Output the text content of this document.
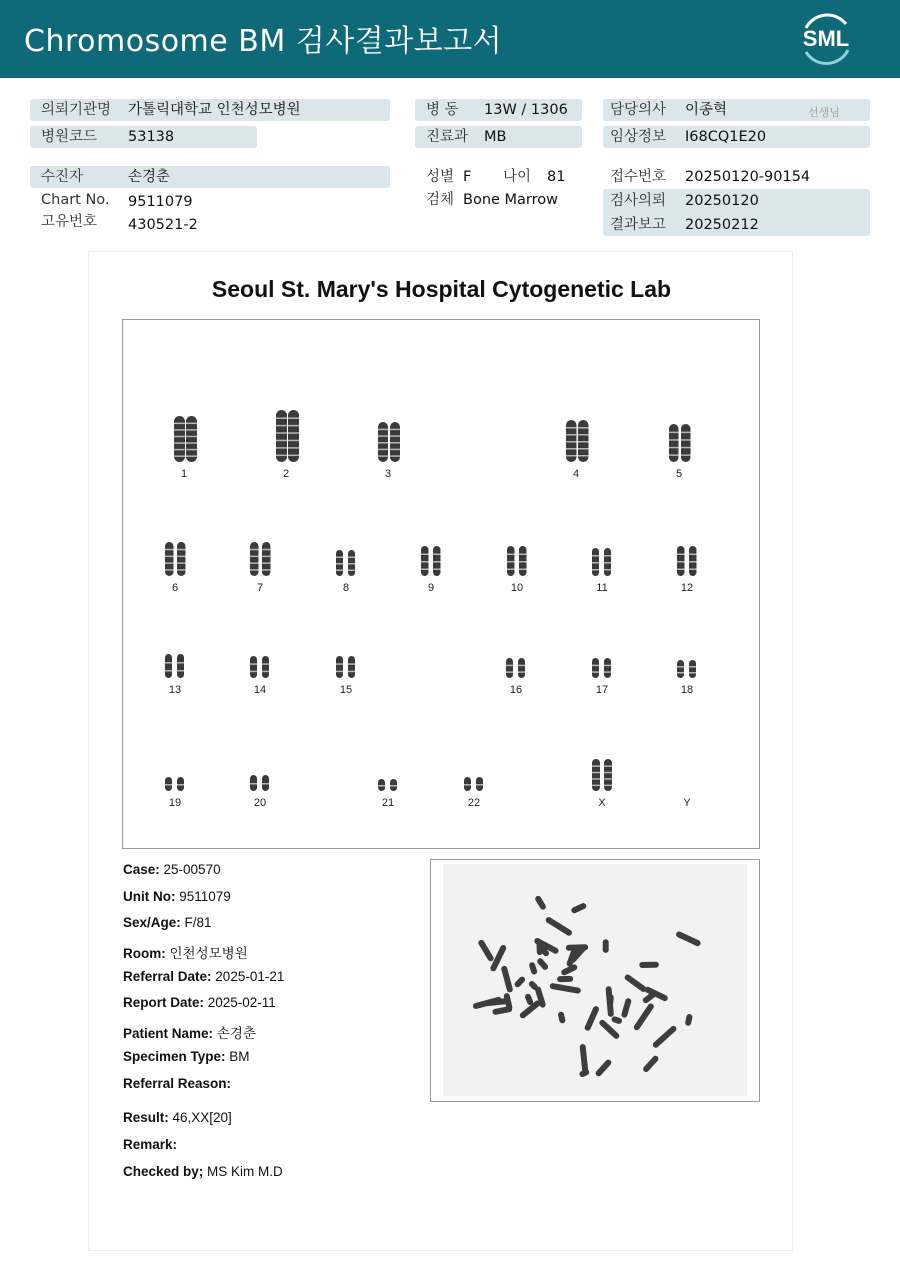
Chromosome BM 검사결과보고서	SML
의뢰기관명 가톨릭대학교 인천성모병원
병원코드 53138
수진자	손경춘
Chart No. 9511079
고유번호 430521-2
병 동 13W / 1306
진료과 MB
성별 F 나이 81
검체 Bone Marrow
담당의사 이종혁	선생님
임상정보 I68CQ1E20
접수번호 20250120-90154
검사의뢰 20250120
결과보고 20250212
Seoul St. Mary's Hospital Cytogenetic Lab
1	2	3	4	5
6	7	8	9	10	11	12
13	14	15	16	17	18
19	20	21	22	X	Y
Case: 25-00570
Unit No: 9511079
Sex/Age: F/81
Room: 인천성모병원
Referral Date: 2025-01-21
Report Date: 2025-02-11
Patient Name: 손경춘
Specimen Type: BM
Referral Reason:
Result: 46,XX[20]
Remark:
Checked by; MS Kim M.D
